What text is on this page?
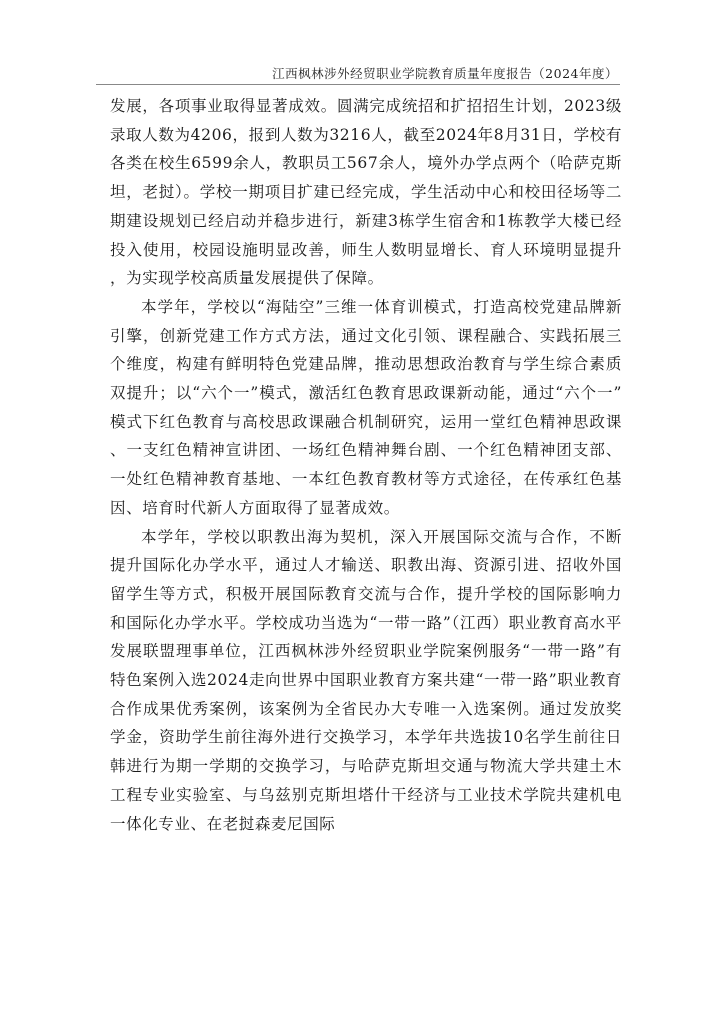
江西枫林涉外经贸职业学院教育质量年度报告（2024年度）

发展，各项事业取得显著成效。圆满完成统招和扩招招生计划，2023级录取人数为4206，报到人数为3216人，截至2024年8月31日，学校有各类在校生6599余人，教职员工567余人，境外办学点两个（哈萨克斯坦，老挝）。学校一期项目扩建已经完成，学生活动中心和校田径场等二期建设规划已经启动并稳步进行，新建3栋学生宿舍和1栋教学大楼已经投入使用，校园设施明显改善，师生人数明显增长、育人环境明显提升，为实现学校高质量发展提供了保障。

本学年，学校以“海陆空”三维一体育训模式，打造高校党建品牌新引擎，创新党建工作方式方法，通过文化引领、课程融合、实践拓展三个维度，构建有鲜明特色党建品牌，推动思想政治教育与学生综合素质双提升；以“六个一”模式，激活红色教育思政课新动能，通过“六个一”模式下红色教育与高校思政课融合机制研究，运用一堂红色精神思政课、一支红色精神宣讲团、一场红色精神舞台剧、一个红色精神团支部、一处红色精神教育基地、一本红色教育教材等方式途径，在传承红色基因、培育时代新人方面取得了显著成效。

本学年，学校以职教出海为契机，深入开展国际交流与合作，不断提升国际化办学水平，通过人才输送、职教出海、资源引进、招收外国留学生等方式，积极开展国际教育交流与合作，提升学校的国际影响力和国际化办学水平。学校成功当选为“一带一路”（江西）职业教育高水平发展联盟理事单位，江西枫林涉外经贸职业学院案例服务“一带一路”有特色案例入选2024走向世界中国职业教育方案共建“一带一路”职业教育合作成果优秀案例，该案例为全省民办大专唯一入选案例。通过发放奖学金，资助学生前往海外进行交换学习，本学年共选拔10名学生前往日韩进行为期一学期的交换学习，与哈萨克斯坦交通与物流大学共建土木工程专业实验室、与乌兹别克斯坦塔什干经济与工业技术学院共建机电一体化专业、在老挝森麦尼国际
